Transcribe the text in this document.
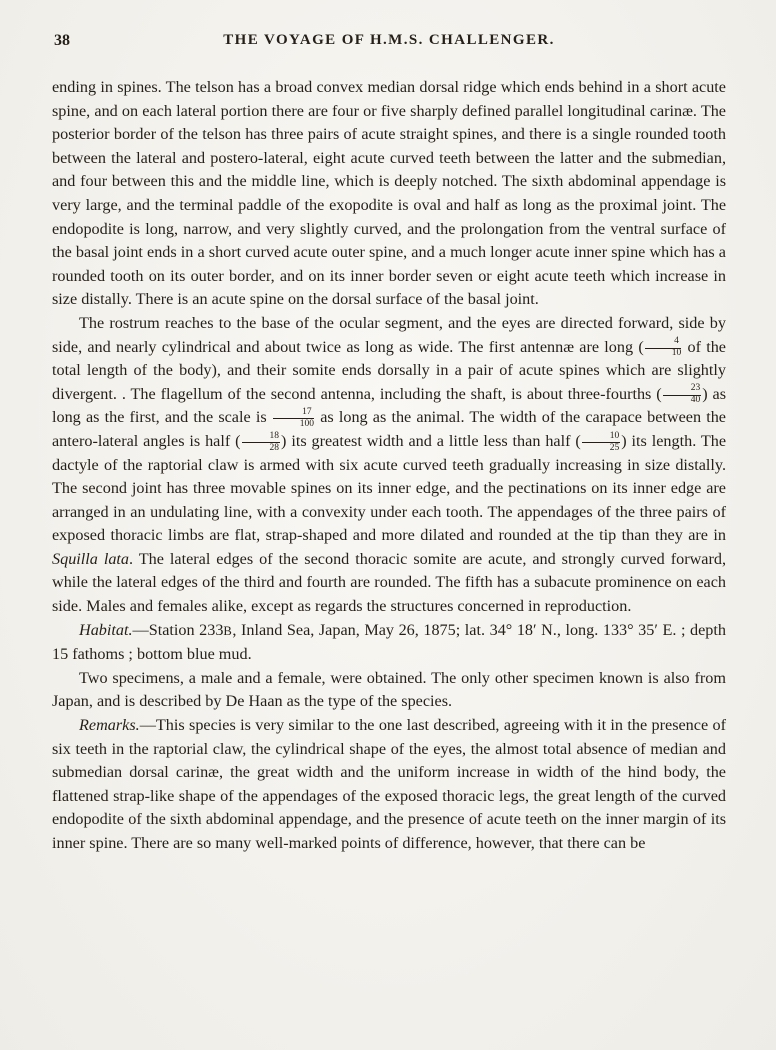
38	THE VOYAGE OF H.M.S. CHALLENGER.

ending in spines. The telson has a broad convex median dorsal ridge which ends behind in a short acute spine, and on each lateral portion there are four or five sharply defined parallel longitudinal carinæ. The posterior border of the telson has three pairs of acute straight spines, and there is a single rounded tooth between the lateral and postero-lateral, eight acute curved teeth between the latter and the submedian, and four between this and the middle line, which is deeply notched. The sixth abdominal appendage is very large, and the terminal paddle of the exopodite is oval and half as long as the proximal joint. The endopodite is long, narrow, and very slightly curved, and the prolongation from the ventral surface of the basal joint ends in a short curved acute outer spine, and a much longer acute inner spine which has a rounded tooth on its outer border, and on its inner border seven or eight acute teeth which increase in size distally. There is an acute spine on the dorsal surface of the basal joint.

The rostrum reaches to the base of the ocular segment, and the eyes are directed forward, side by side, and nearly cylindrical and about twice as long as wide. The first antennæ are long ( $\frac{4}{10}$ of the total length of the body), and their somite ends dorsally in a pair of acute spines which are slightly divergent. . The flagellum of the second antenna, including the shaft, is about three-fourths ( $\frac{23}{40}$ ) as long as the first, and the scale is $\frac{17}{100}$ as long as the animal. The width of the carapace between the antero-lateral angles is half ( $\frac{18}{28}$ ) its greatest width and a little less than half ( $\frac{10}{25}$ ) its length. The dactyle of the raptorial claw is armed with six acute curved teeth gradually increasing in size distally. The second joint has three movable spines on its inner edge, and the pectinations on its inner edge are arranged in an undulating line, with a convexity under each tooth. The appendages of the three pairs of exposed thoracic limbs are flat, strap-shaped and more dilated and rounded at the tip than they are in Squilla lata. The lateral edges of the second thoracic somite are acute, and strongly curved forward, while the lateral edges of the third and fourth are rounded. The fifth has a subacute prominence on each side. Males and females alike, except as regards the structures concerned in reproduction.

Habitat.—Station 233B, Inland Sea, Japan, May 26, 1875; lat. 34° 18′ N., long. 133° 35′ E. ; depth 15 fathoms ; bottom blue mud.

Two specimens, a male and a female, were obtained. The only other specimen known is also from Japan, and is described by De Haan as the type of the species.

Remarks.—This species is very similar to the one last described, agreeing with it in the presence of six teeth in the raptorial claw, the cylindrical shape of the eyes, the almost total absence of median and submedian dorsal carinæ, the great width and the uniform increase in width of the hind body, the flattened strap-like shape of the appendages of the exposed thoracic legs, the great length of the curved endopodite of the sixth abdominal appendage, and the presence of acute teeth on the inner margin of its inner spine. There are so many well-marked points of difference, however, that there can be
